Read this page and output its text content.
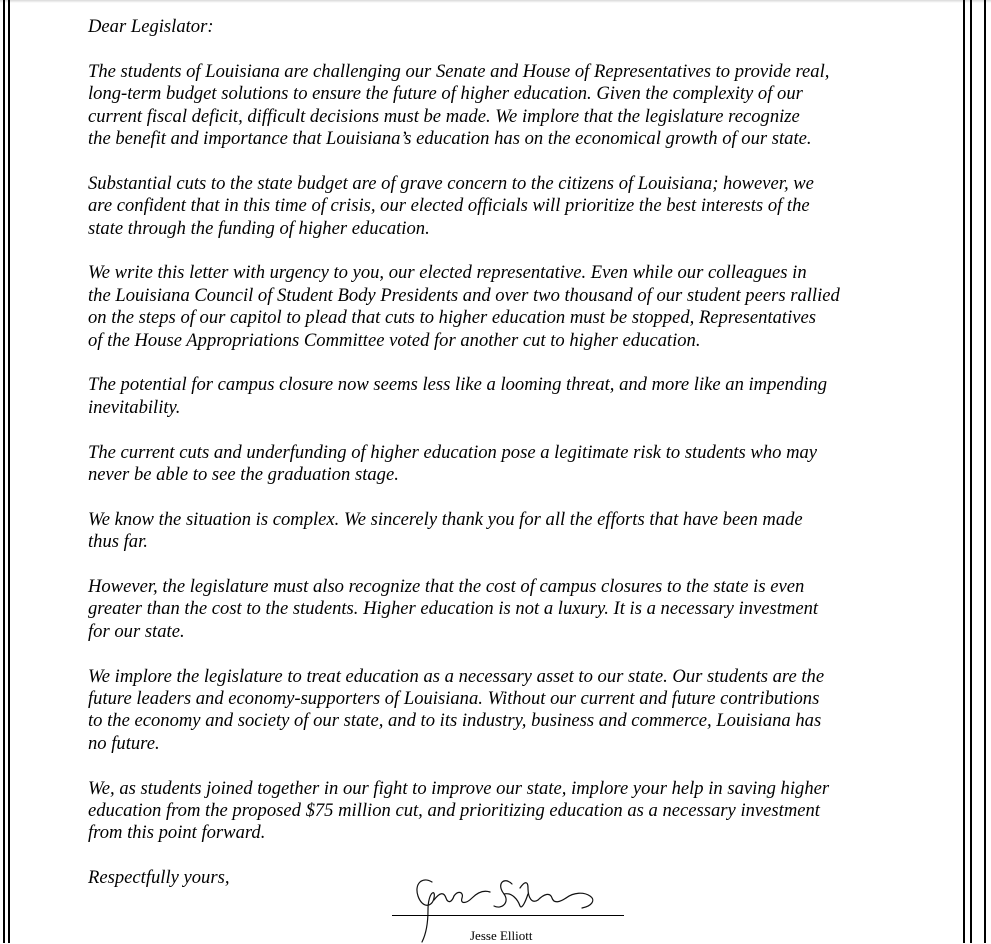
Dear Legislator:
The students of Louisiana are challenging our Senate and House of Representatives to provide real,
long-term budget solutions to ensure the future of higher education. Given the complexity of our
current fiscal deficit, difficult decisions must be made. We implore that the legislature recognize
the benefit and importance that Louisiana’s education has on the economical growth of our state.
Substantial cuts to the state budget are of grave concern to the citizens of Louisiana; however, we
are confident that in this time of crisis, our elected officials will prioritize the best interests of the
state through the funding of higher education.
We write this letter with urgency to you, our elected representative. Even while our colleagues in
the Louisiana Council of Student Body Presidents and over two thousand of our student peers rallied
on the steps of our capitol to plead that cuts to higher education must be stopped, Representatives
of the House Appropriations Committee voted for another cut to higher education.
The potential for campus closure now seems less like a looming threat, and more like an impending
inevitability.
The current cuts and underfunding of higher education pose a legitimate risk to students who may
never be able to see the graduation stage.
We know the situation is complex. We sincerely thank you for all the efforts that have been made
thus far.
However, the legislature must also recognize that the cost of campus closures to the state is even
greater than the cost to the students. Higher education is not a luxury. It is a necessary investment
for our state.
We implore the legislature to treat education as a necessary asset to our state. Our students are the
future leaders and economy-supporters of Louisiana. Without our current and future contributions
to the economy and society of our state, and to its industry, business and commerce, Louisiana has
no future.
We, as students joined together in our fight to improve our state, implore your help in saving higher
education from the proposed $75 million cut, and prioritizing education as a necessary investment
from this point forward.
Respectfully yours,
Jesse Elliott
